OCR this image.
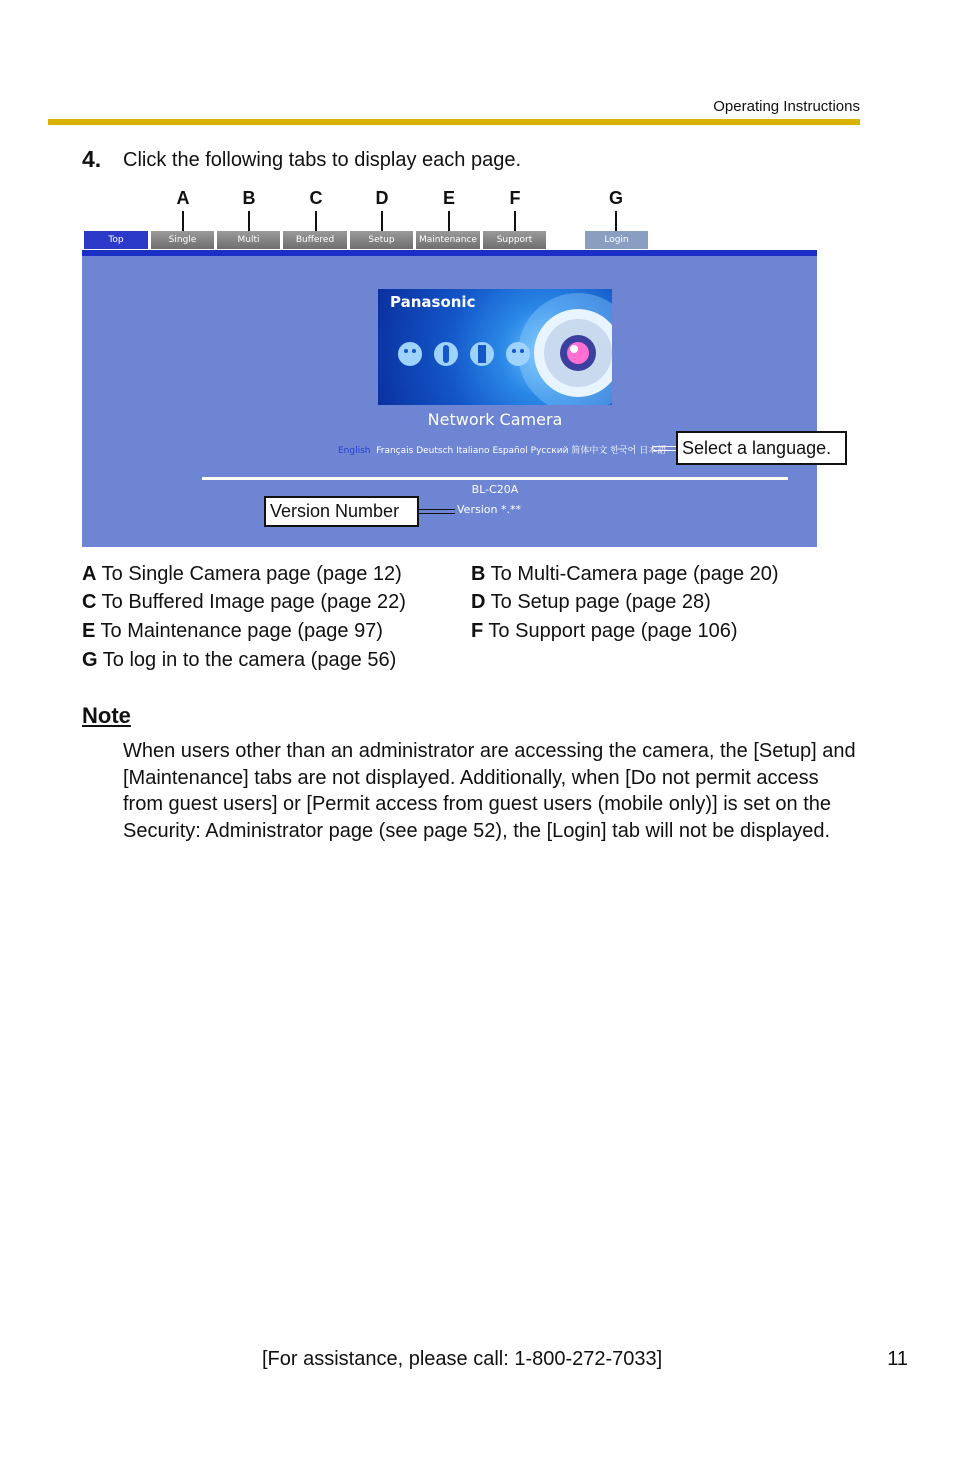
Operating Instructions
4. Click the following tabs to display each page.
A	B	C	D	E	F	G
Top	Single	Multi	Buffered	Setup	Maintenance	Support	Login
Panasonic
Network Camera
English Français Deutsch Italiano Español Русский 简体中文 한국어 日本語 Select a language.
BL-C20A
Version *.**
Version Number
A To Single Camera page (page 12)	B To Multi-Camera page (page 20)
C To Buffered Image page (page 22)	D To Setup page (page 28)
E To Maintenance page (page 97)	F To Support page (page 106)
G To log in to the camera (page 56)
Note
When users other than an administrator are accessing the camera, the [Setup] and [Maintenance] tabs are not displayed. Additionally, when [Do not permit access from guest users] or [Permit access from guest users (mobile only)] is set on the Security: Administrator page (see page 52), the [Login] tab will not be displayed.
[For assistance, please call: 1-800-272-7033]	11
